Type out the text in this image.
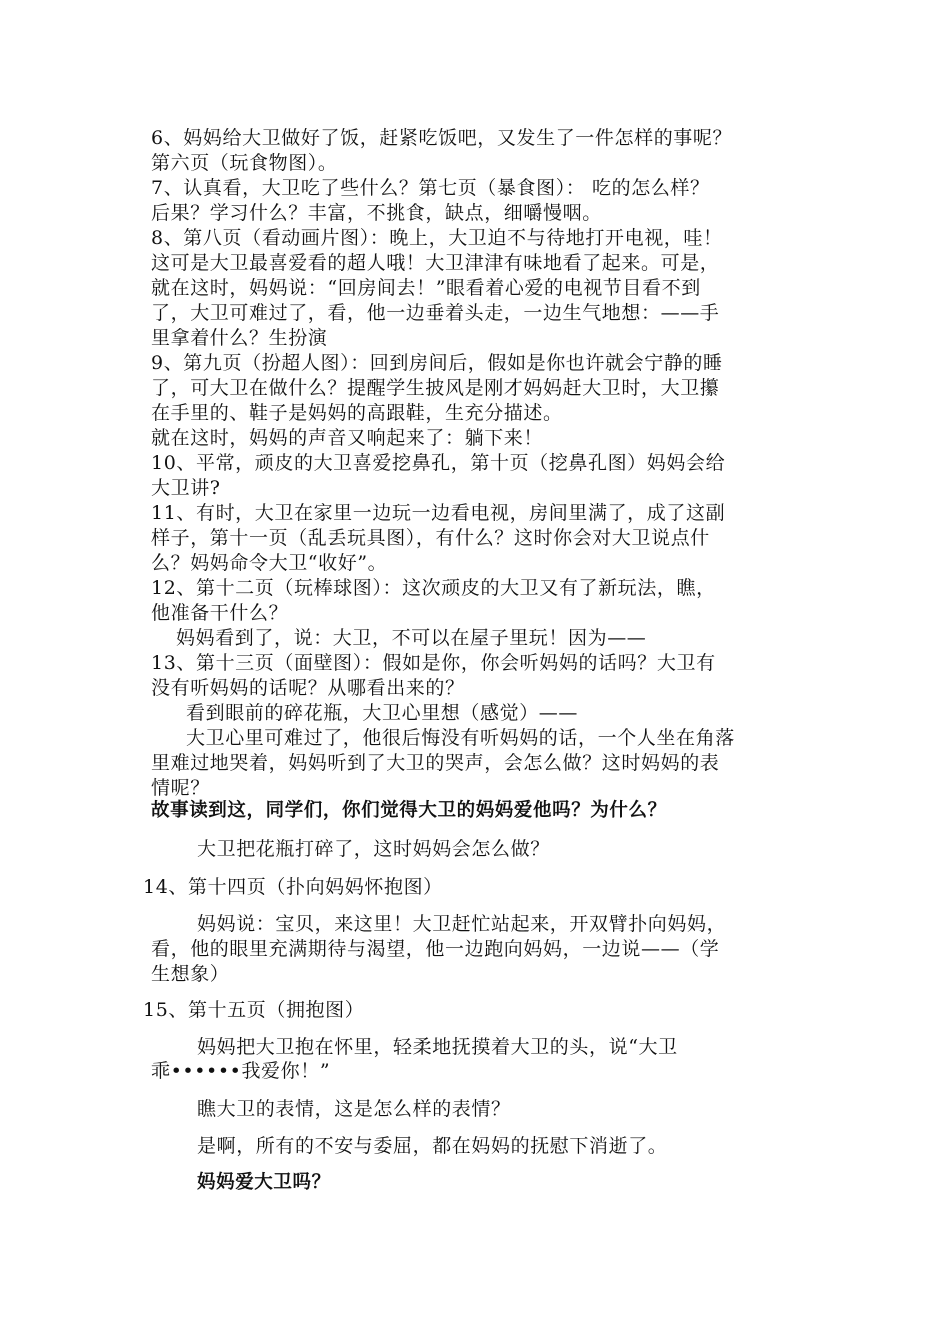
6、妈妈给大卫做好了饭，赶紧吃饭吧，又发生了一件怎样的事呢？
第六页（玩食物图）。
7、认真看，大卫吃了些什么？第七页（暴食图）： 吃的怎么样？
后果？学习什么？丰富，不挑食，缺点，细嚼慢咽。
8、第八页（看动画片图）：晚上，大卫迫不与待地打开电视，哇！
这可是大卫最喜爱看的超人哦！大卫津津有味地看了起来。可是，
就在这时，妈妈说：“回房间去！”眼看着心爱的电视节目看不到
了，大卫可难过了，看，他一边垂着头走，一边生气地想：——手
里拿着什么？生扮演
9、第九页（扮超人图）：回到房间后，假如是你也许就会宁静的睡
了，可大卫在做什么？提醒学生披风是刚才妈妈赶大卫时，大卫攥
在手里的、鞋子是妈妈的高跟鞋，生充分描述。
就在这时，妈妈的声音又响起来了：躺下来！
10、平常，顽皮的大卫喜爱挖鼻孔，第十页（挖鼻孔图）妈妈会给
大卫讲?
11、有时，大卫在家里一边玩一边看电视，房间里满了，成了这副
样子，第十一页（乱丢玩具图），有什么？这时你会对大卫说点什
么？妈妈命令大卫“收好”。
12、第十二页（玩棒球图）：这次顽皮的大卫又有了新玩法，瞧，
他准备干什么？
妈妈看到了，说：大卫，不可以在屋子里玩！因为——
13、第十三页（面壁图）：假如是你，你会听妈妈的话吗？大卫有
没有听妈妈的话呢？从哪看出来的？
看到眼前的碎花瓶，大卫心里想（感觉）——
大卫心里可难过了，他很后悔没有听妈妈的话，一个人坐在角落
里难过地哭着，妈妈听到了大卫的哭声，会怎么做？这时妈妈的表
情呢？
故事读到这，同学们，你们觉得大卫的妈妈爱他吗？为什么？
大卫把花瓶打碎了，这时妈妈会怎么做？
14、第十四页（扑向妈妈怀抱图）
妈妈说：宝贝，来这里！大卫赶忙站起来，开双臂扑向妈妈，
看，他的眼里充满期待与渴望，他一边跑向妈妈，一边说——（学
生想象）
15、第十五页（拥抱图）
妈妈把大卫抱在怀里，轻柔地抚摸着大卫的头，说“大卫
乖••••••我爱你！”
瞧大卫的表情，这是怎么样的表情？
是啊，所有的不安与委屈，都在妈妈的抚慰下消逝了。
妈妈爱大卫吗？
